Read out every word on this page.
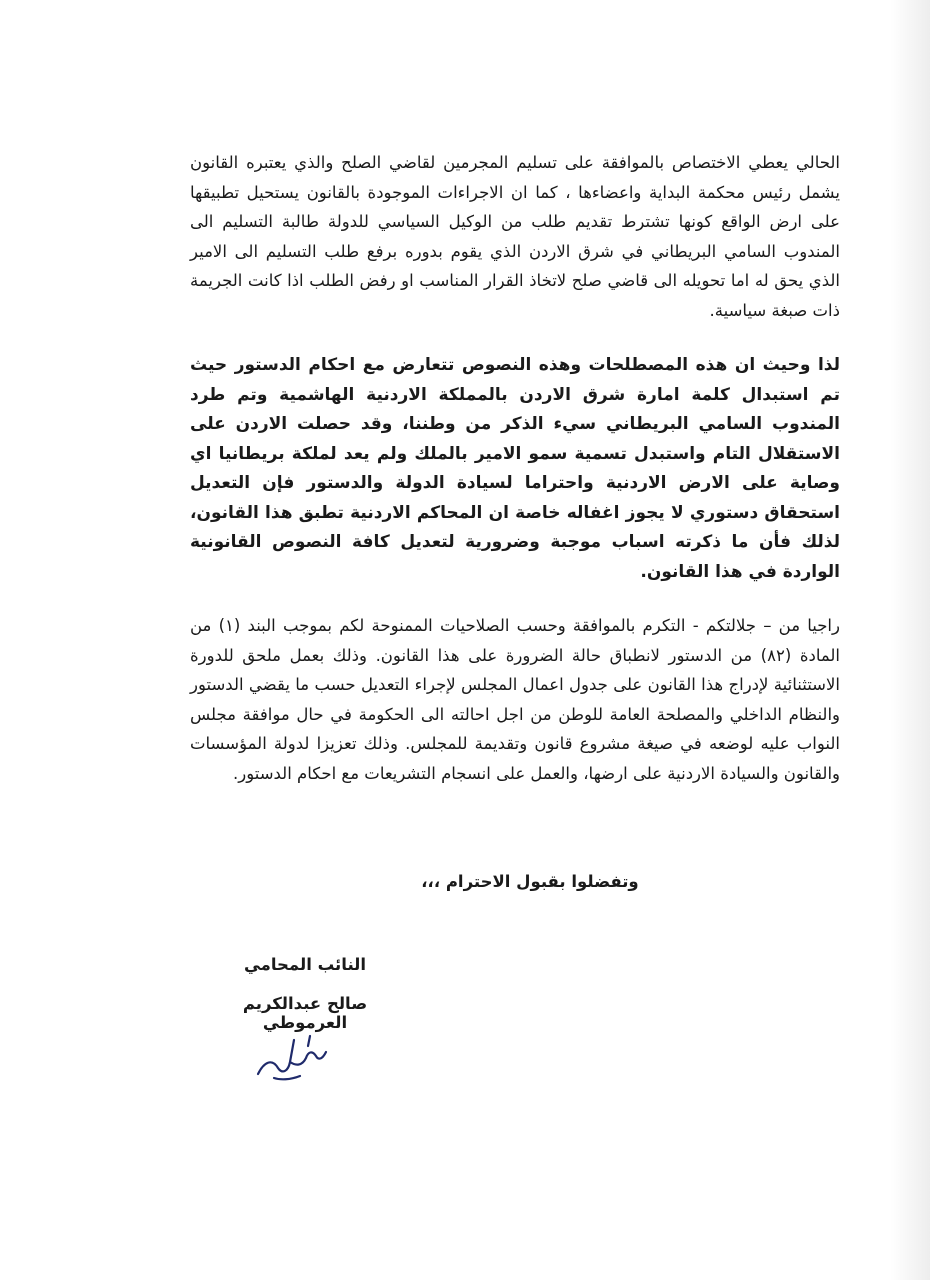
الحالي يعطي الاختصاص بالموافقة على تسليم المجرمين لقاضي الصلح والذي يعتبره القانون يشمل رئيس محكمة البداية واعضاءها ، كما ان الاجراءات الموجودة بالقانون يستحيل تطبيقها على ارض الواقع كونها تشترط تقديم طلب من الوكيل السياسي للدولة طالبة التسليم الى المندوب السامي البريطاني في شرق الاردن الذي يقوم بدوره برفع طلب التسليم الى الامير الذي يحق له اما تحويله الى قاضي صلح لاتخاذ القرار المناسب او رفض الطلب اذا كانت الجريمة ذات صبغة سياسية.

لذا وحيث ان هذه المصطلحات وهذه النصوص تتعارض مع احكام الدستور حيث تم استبدال كلمة امارة شرق الاردن بالمملكة الاردنية الهاشمية وتم طرد المندوب السامي البريطاني سيء الذكر من وطننا، وقد حصلت الاردن على الاستقلال التام واستبدل تسمية سمو الامير بالملك ولم يعد لملكة بريطانيا اي وصاية على الارض الاردنية واحتراما لسيادة الدولة والدستور فإن التعديل استحقاق دستوري لا يجوز اغفاله خاصة ان المحاكم الاردنية تطبق هذا القانون، لذلك فأن ما ذكرته اسباب موجبة وضرورية لتعديل كافة النصوص القانونية الواردة في هذا القانون.

راجيا من – جلالتكم - التكرم بالموافقة وحسب الصلاحيات الممنوحة لكم بموجب البند (١) من المادة (٨٢) من الدستور لانطباق حالة الضرورة على هذا القانون. وذلك بعمل ملحق للدورة الاستثنائية لإدراج هذا القانون على جدول اعمال المجلس لإجراء التعديل حسب ما يقضي الدستور والنظام الداخلي والمصلحة العامة للوطن من اجل احالته الى الحكومة في حال موافقة مجلس النواب عليه لوضعه في صيغة مشروع قانون وتقديمة للمجلس. وذلك تعزيزا لدولة المؤسسات والقانون والسيادة الاردنية على ارضها، والعمل على انسجام التشريعات مع احكام الدستور.

وتفضلوا بقبول الاحترام ،،،
النائب المحامي
صالح عبدالكريم العرموطي
